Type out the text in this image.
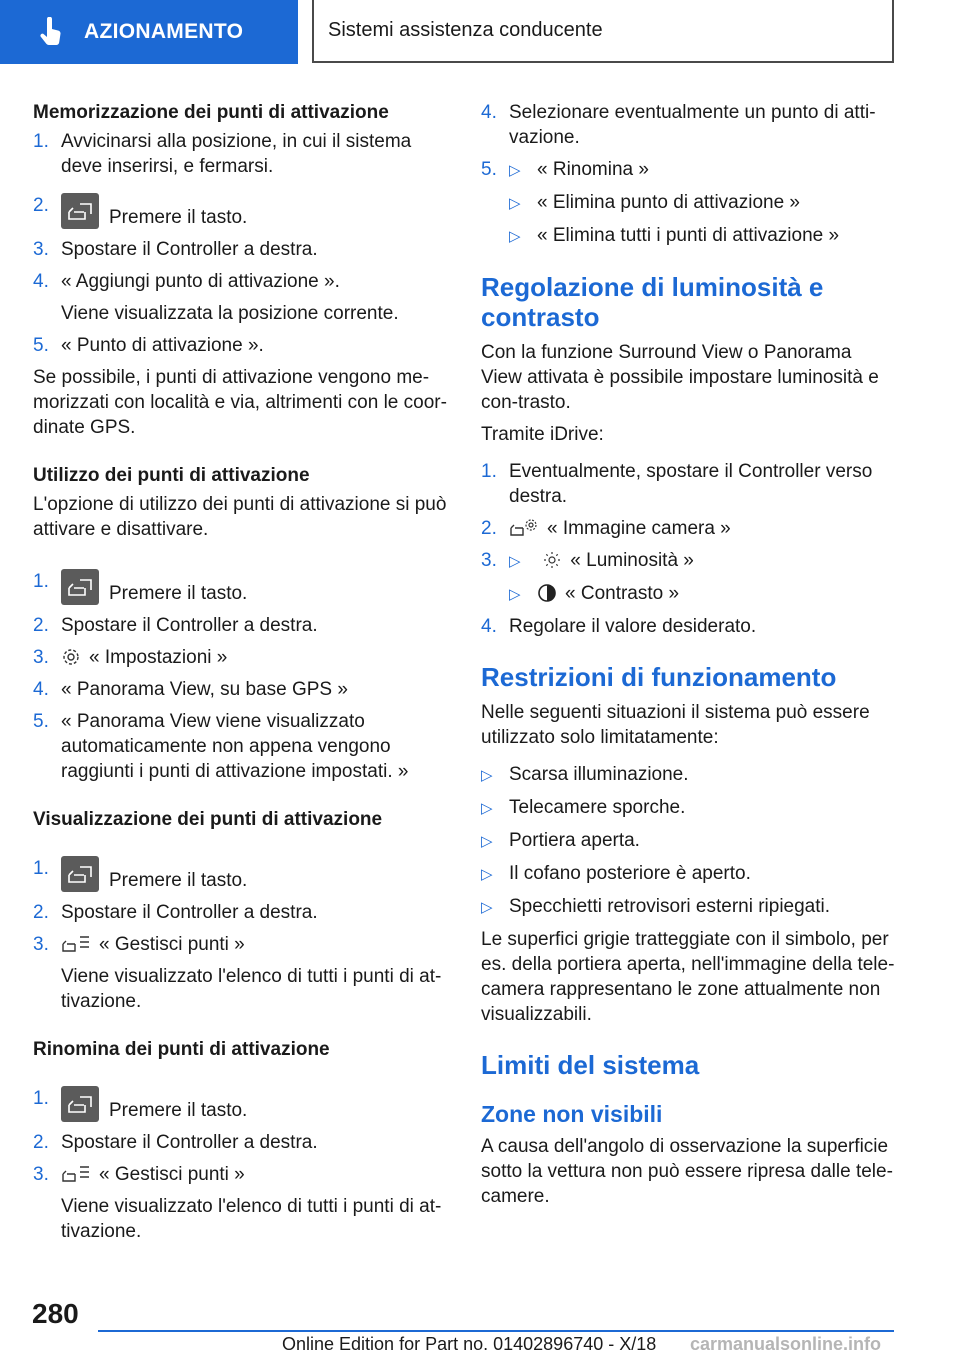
AZIONAMENTO	Sistemi assistenza conducente
Memorizzazione dei punti di attivazione
1. Avvicinarsi alla posizione, in cui il sistema deve inserirsi, e fermarsi.
2.
Premere il tasto.
3. Spostare il Controller a destra.
4. « Aggiungi punto di attivazione ».
Viene visualizzata la posizione corrente.
5. « Punto di attivazione ».

Se possibile, i punti di attivazione vengono me-morizzati con località e via, altrimenti con le coor-dinate GPS.

Utilizzo dei punti di attivazione

L'opzione di utilizzo dei punti di attivazione si può attivare e disattivare.

1.
Premere il tasto.
2. Spostare il Controller a destra.
3.	« Impostazioni »
4. « Panorama View, su base GPS »
5. « Panorama View viene visualizzato automaticamente non appena vengono raggiunti i punti di attivazione impostati. »
Visualizzazione dei punti di attivazione
1.
Premere il tasto.
2. Spostare il Controller a destra.
3.	« Gestisci punti »
Viene visualizzato l'elenco di tutti i punti di at-tivazione.
Rinomina dei punti di attivazione
1.
Premere il tasto.
2. Spostare il Controller a destra.
3.	« Gestisci punti »
Viene visualizzato l'elenco di tutti i punti di at-tivazione.
4. Selezionare eventualmente un punto di atti-vazione.
5. ▷ « Rinomina »
▷ « Elimina punto di attivazione »
▷ « Elimina tutti i punti di attivazione »
Regolazione di luminosità e contrasto

Con la funzione Surround View o Panorama View attivata è possibile impostare luminosità e con-trasto.

Tramite iDrive:

1. Eventualmente, spostare il Controller verso destra.
2.	« Immagine camera »
3. ▷	« Luminosità »
▷	« Contrasto »
4. Regolare il valore desiderato.
Restrizioni di funzionamento

Nelle seguenti situazioni il sistema può essere utilizzato solo limitatamente:

▷ Scarsa illuminazione.
▷ Telecamere sporche.
▷ Portiera aperta.
▷ Il cofano posteriore è aperto.
▷ Specchietti retrovisori esterni ripiegati.

Le superfici grigie tratteggiate con il simbolo, per es. della portiera aperta, nell'immagine della tele-camera rappresentano le zone attualmente non visualizzabili.

Limiti del sistema
Zone non visibili

A causa dell'angolo di osservazione la superficie sotto la vettura non può essere ripresa dalle tele-camere.

280
Online Edition for Part no. 01402896740 - X/18 carmanualsonline.info
